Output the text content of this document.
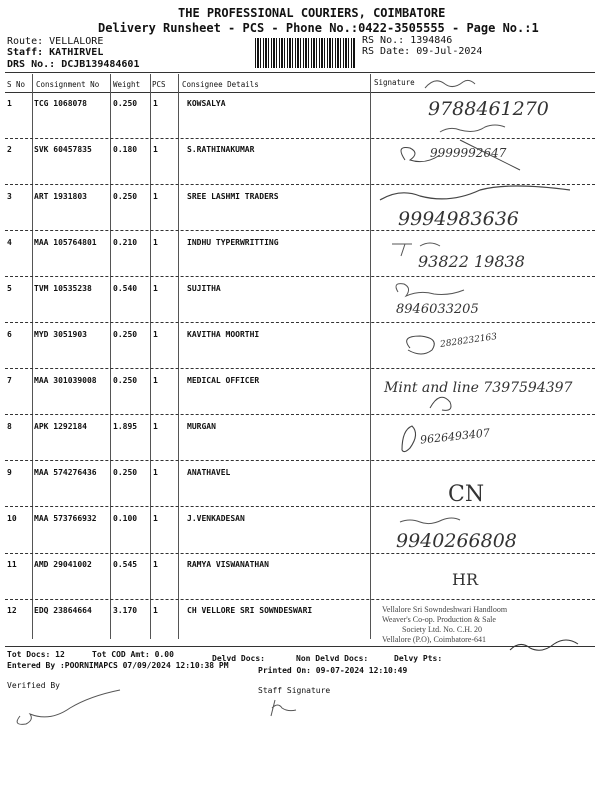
THE PROFESSIONAL COURIERS, COIMBATORE
Delivery Runsheet - PCS - Phone No.:0422-3505555 - Page No.:1
Route: VELLALORE
Staff: KATHIRVEL
DRS No.: DCJB139484601
RS No.: 1394846
RS Date: 09-Jul-2024
S No Consignment No Weight PCS Consignee Details	Signature
1	TCG 1068078	0.250 1	KOWSALYA	9788461270
2	SVK 60457835	0.180 1	S.RATHINAKUMAR	9999992647
3	ART 1931803	0.250 1	SREE LASHMI TRADERS
9994983636
4	MAA 105764801 0.210 1	INDHU TYPERWRITTING
93822 19838
5	TVM 10535238	0.540 1	SUJITHA
8946033205
6	MYD 3051903	0.250 1	KAVITHA MOORTHI	2828232163
7	MAA 301039008 0.250 1	MEDICAL OFFICER	Mint and line 7397594397
8	APK 1292184	1.895 1	MURGAN	9626493407
9	MAA 574276436 0.250 1	ANATHAVEL
CN
10 MAA 573766932 0.100 1	J.VENKADESAN
9940266808
11 AMD 29041002	0.545 1	RAMYA VISWANATHAN
HR
12 EDQ 23864664	3.170 1	CH VELLORE SRI SOWNDESWARI	Vellalore Sri Sowndeshwari Handloom
Weaver's Co-op. Production & Sale
Society Ltd. No. C.H. 20
Vellalore (P.O), Coimbatore-641
Tot Docs: 12	Tot COD Amt: 0.00	Delvd Docs:	Non Delvd Docs:	Delvy Pts:
Entered By :POORNIMAPCS 07/09/2024 12:10:38 PM
Printed On: 09-07-2024 12:10:49
Verified By
Staff Signature
